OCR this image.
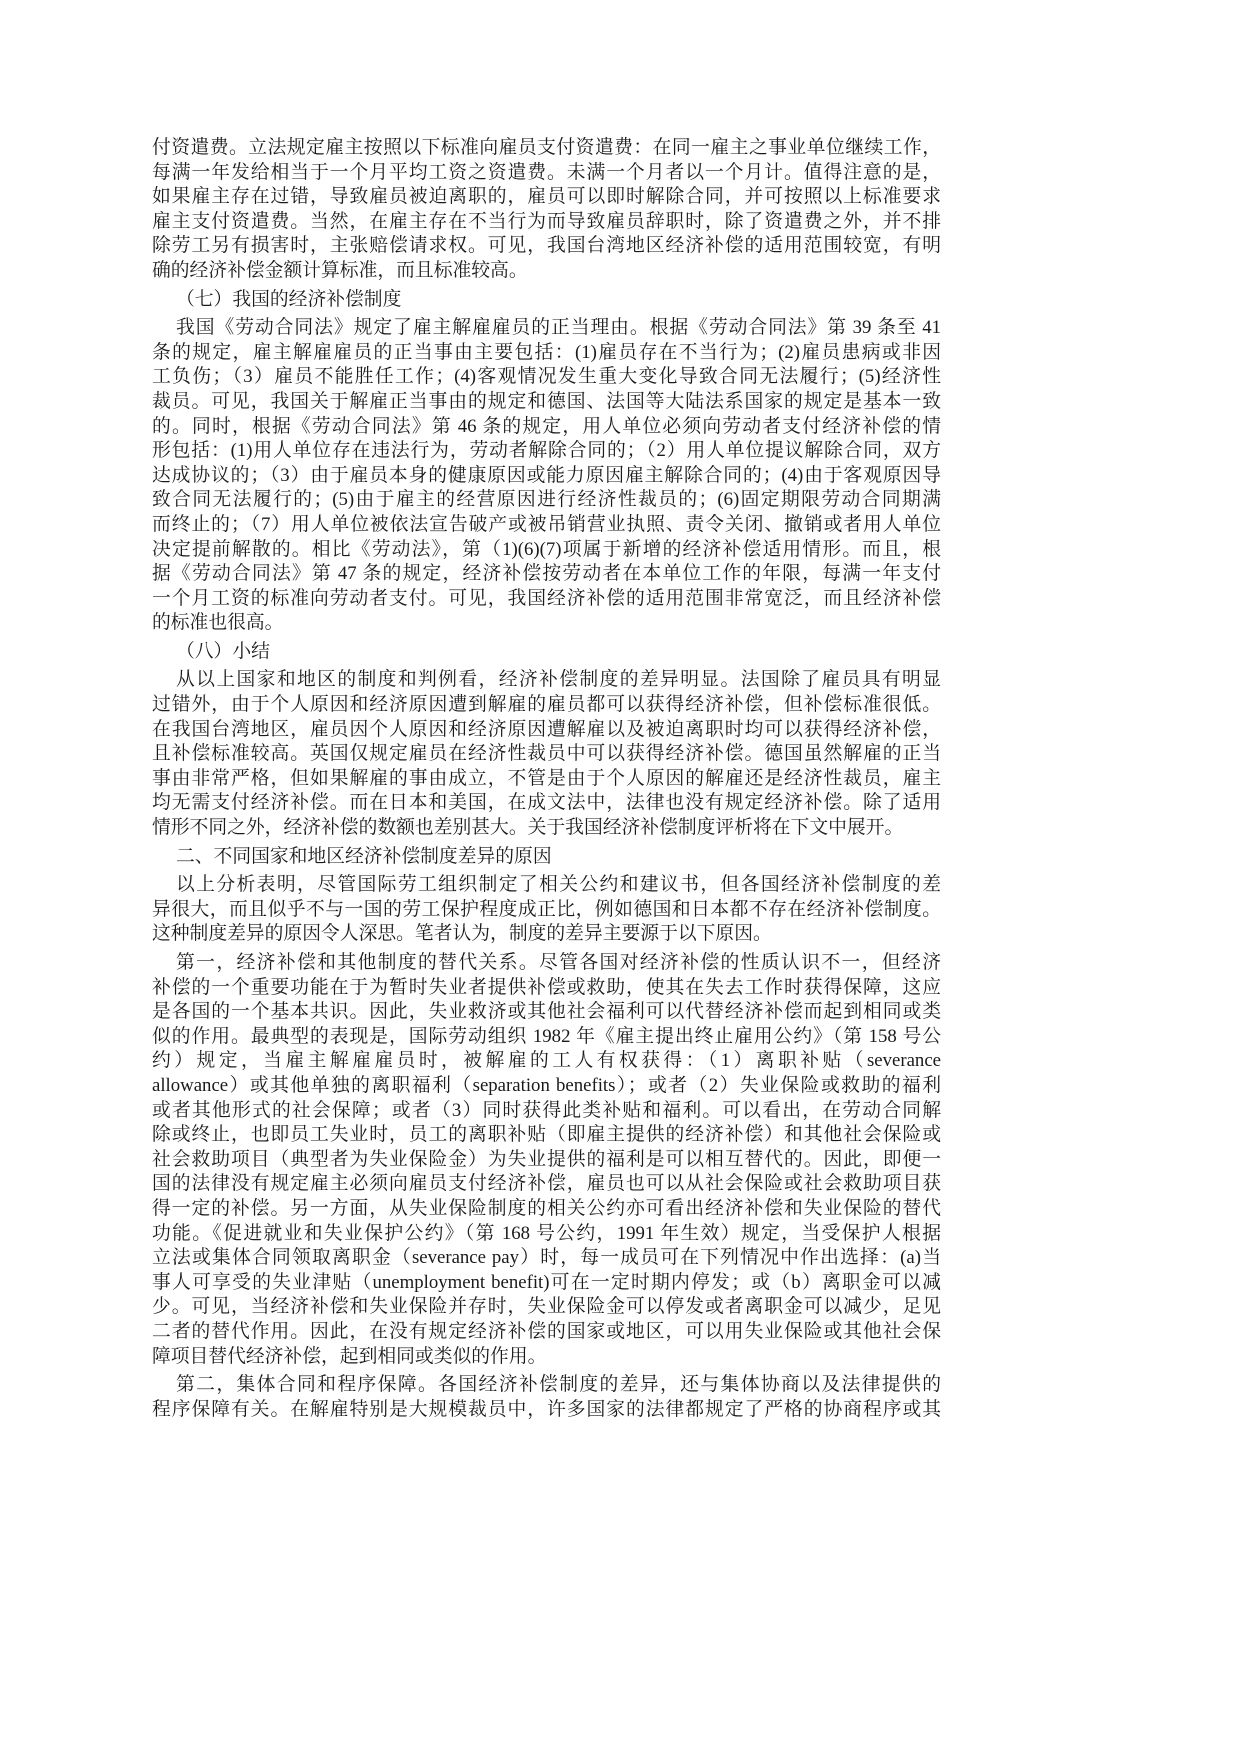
付资遣费。立法规定雇主按照以下标准向雇员支付资遣费：在同一雇主之事业单位继续工作，
每满一年发给相当于一个月平均工资之资遣费。未满一个月者以一个月计。值得注意的是，
如果雇主存在过错，导致雇员被迫离职的，雇员可以即时解除合同，并可按照以上标准要求
雇主支付资遣费。当然，在雇主存在不当行为而导致雇员辞职时，除了资遣费之外，并不排
除劳工另有损害时，主张赔偿请求权。可见，我国台湾地区经济补偿的适用范围较宽，有明
确的经济补偿金额计算标准，而且标准较高。
（七）我国的经济补偿制度
我国《劳动合同法》规定了雇主解雇雇员的正当理由。根据《劳动合同法》第 39 条至 41
条的规定，雇主解雇雇员的正当事由主要包括：(1)雇员存在不当行为；(2)雇员患病或非因
工负伤；（3）雇员不能胜任工作；(4)客观情况发生重大变化导致合同无法履行；(5)经济性
裁员。可见，我国关于解雇正当事由的规定和德国、法国等大陆法系国家的规定是基本一致
的。同时，根据《劳动合同法》第 46 条的规定，用人单位必须向劳动者支付经济补偿的情
形包括：(1)用人单位存在违法行为，劳动者解除合同的；（2）用人单位提议解除合同，双方
达成协议的；（3）由于雇员本身的健康原因或能力原因雇主解除合同的；(4)由于客观原因导
致合同无法履行的；(5)由于雇主的经营原因进行经济性裁员的；(6)固定期限劳动合同期满
而终止的；（7）用人单位被依法宣告破产或被吊销营业执照、责令关闭、撤销或者用人单位
决定提前解散的。相比《劳动法》，第（1)(6)(7)项属于新增的经济补偿适用情形。而且，根
据《劳动合同法》第 47 条的规定，经济补偿按劳动者在本单位工作的年限，每满一年支付
一个月工资的标准向劳动者支付。可见，我国经济补偿的适用范围非常宽泛，而且经济补偿
的标准也很高。
（八）小结
从以上国家和地区的制度和判例看，经济补偿制度的差异明显。法国除了雇员具有明显
过错外，由于个人原因和经济原因遭到解雇的雇员都可以获得经济补偿，但补偿标准很低。
在我国台湾地区，雇员因个人原因和经济原因遭解雇以及被迫离职时均可以获得经济补偿，
且补偿标准较高。英国仅规定雇员在经济性裁员中可以获得经济补偿。德国虽然解雇的正当
事由非常严格，但如果解雇的事由成立，不管是由于个人原因的解雇还是经济性裁员，雇主
均无需支付经济补偿。而在日本和美国，在成文法中，法律也没有规定经济补偿。除了适用
情形不同之外，经济补偿的数额也差别甚大。关于我国经济补偿制度评析将在下文中展开。
二、不同国家和地区经济补偿制度差异的原因
以上分析表明，尽管国际劳工组织制定了相关公约和建议书，但各国经济补偿制度的差
异很大，而且似乎不与一国的劳工保护程度成正比，例如德国和日本都不存在经济补偿制度。
这种制度差异的原因令人深思。笔者认为，制度的差异主要源于以下原因。
第一，经济补偿和其他制度的替代关系。尽管各国对经济补偿的性质认识不一，但经济
补偿的一个重要功能在于为暂时失业者提供补偿或救助，使其在失去工作时获得保障，这应
是各国的一个基本共识。因此，失业救济或其他社会福利可以代替经济补偿而起到相同或类
似的作用。最典型的表现是，国际劳动组织 1982 年《雇主提出终止雇用公约》（第 158 号公
约）规定，当雇主解雇雇员时，被解雇的工人有权获得：（1）离职补贴（severance
allowance）或其他单独的离职福利（separation benefits）；或者（2）失业保险或救助的福利
或者其他形式的社会保障；或者（3）同时获得此类补贴和福利。可以看出，在劳动合同解
除或终止，也即员工失业时，员工的离职补贴（即雇主提供的经济补偿）和其他社会保险或
社会救助项目（典型者为失业保险金）为失业提供的福利是可以相互替代的。因此，即便一
国的法律没有规定雇主必须向雇员支付经济补偿，雇员也可以从社会保险或社会救助项目获
得一定的补偿。另一方面，从失业保险制度的相关公约亦可看出经济补偿和失业保险的替代
功能。《促进就业和失业保护公约》（第 168 号公约，1991 年生效）规定，当受保护人根据
立法或集体合同领取离职金（severance pay）时，每一成员可在下列情况中作出选择：(a)当
事人可享受的失业津贴（unemployment benefit)可在一定时期内停发；或（b）离职金可以减
少。可见，当经济补偿和失业保险并存时，失业保险金可以停发或者离职金可以减少，足见
二者的替代作用。因此，在没有规定经济补偿的国家或地区，可以用失业保险或其他社会保
障项目替代经济补偿，起到相同或类似的作用。
第二，集体合同和程序保障。各国经济补偿制度的差异，还与集体协商以及法律提供的
程序保障有关。在解雇特别是大规模裁员中，许多国家的法律都规定了严格的协商程序或其
